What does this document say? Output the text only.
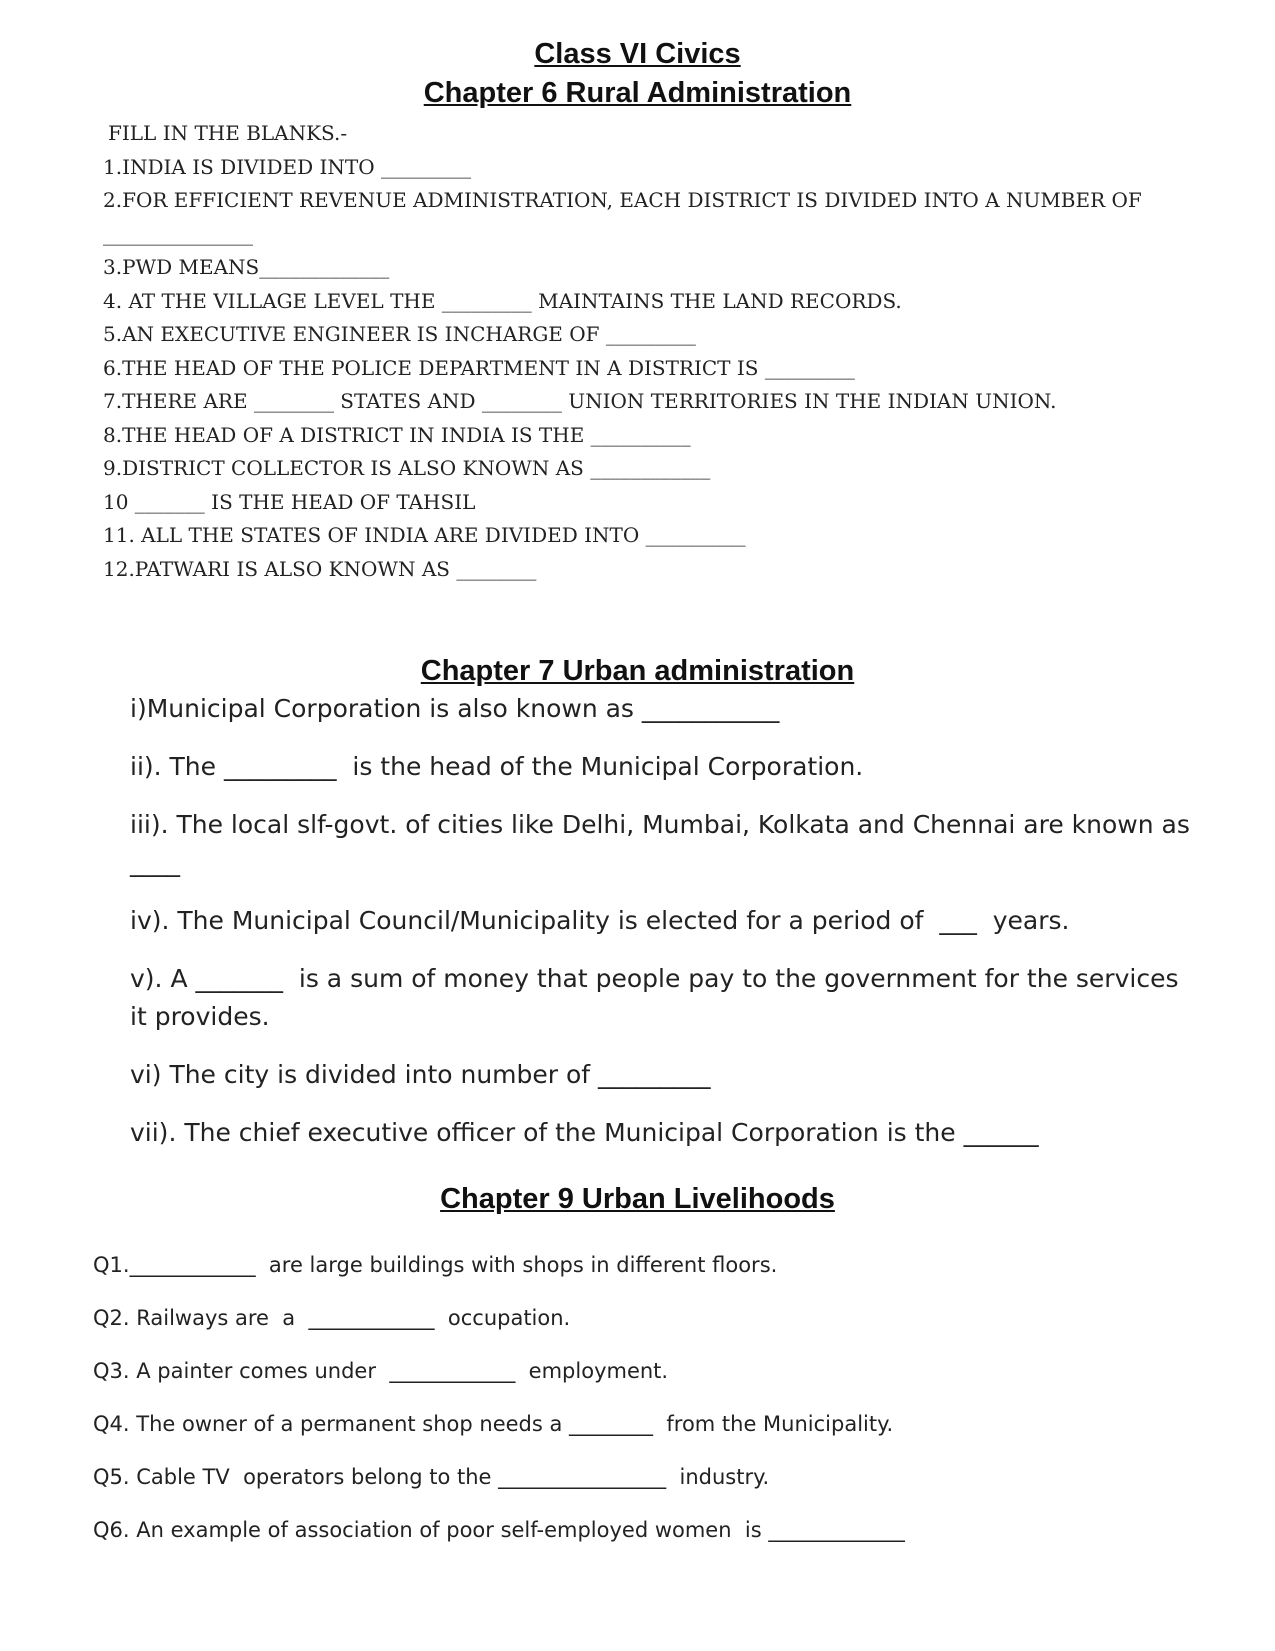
Class VI Civics
Chapter 6 Rural Administration
FILL IN THE BLANKS.-
1.INDIA IS DIVIDED INTO _________
2.FOR EFFICIENT REVENUE ADMINISTRATION, EACH DISTRICT IS DIVIDED INTO A NUMBER OF
_______________
3.PWD MEANS_____________
4. AT THE VILLAGE LEVEL THE _________ MAINTAINS THE LAND RECORDS.
5.AN EXECUTIVE ENGINEER IS INCHARGE OF _________
6.THE HEAD OF THE POLICE DEPARTMENT IN A DISTRICT IS _________
7.THERE ARE ________ STATES AND ________ UNION TERRITORIES IN THE INDIAN UNION.
8.THE HEAD OF A DISTRICT IN INDIA IS THE __________
9.DISTRICT COLLECTOR IS ALSO KNOWN AS ____________
10 _______ IS THE HEAD OF TAHSIL
11. ALL THE STATES OF INDIA ARE DIVIDED INTO __________
12.PATWARI IS ALSO KNOWN AS ________
Chapter 7 Urban administration
i)Municipal Corporation is also known as ___________
ii). The _________  is the head of the Municipal Corporation.
iii). The local slf-govt. of cities like Delhi, Mumbai, Kolkata and Chennai are known as ____
iv). The Municipal Council/Municipality is elected for a period of  ___  years.
v). A _______  is a sum of money that people pay to the government for the services it provides.
vi) The city is divided into number of _________
vii). The chief executive officer of the Municipal Corporation is the ______
Chapter 9 Urban Livelihoods
Q1.____________  are large buildings with shops in different floors.
Q2. Railways are  a  ____________  occupation.
Q3. A painter comes under  ____________  employment.
Q4. The owner of a permanent shop needs a ________  from the Municipality.
Q5. Cable TV  operators belong to the ________________  industry.
Q6. An example of association of poor self-employed women  is _____________
